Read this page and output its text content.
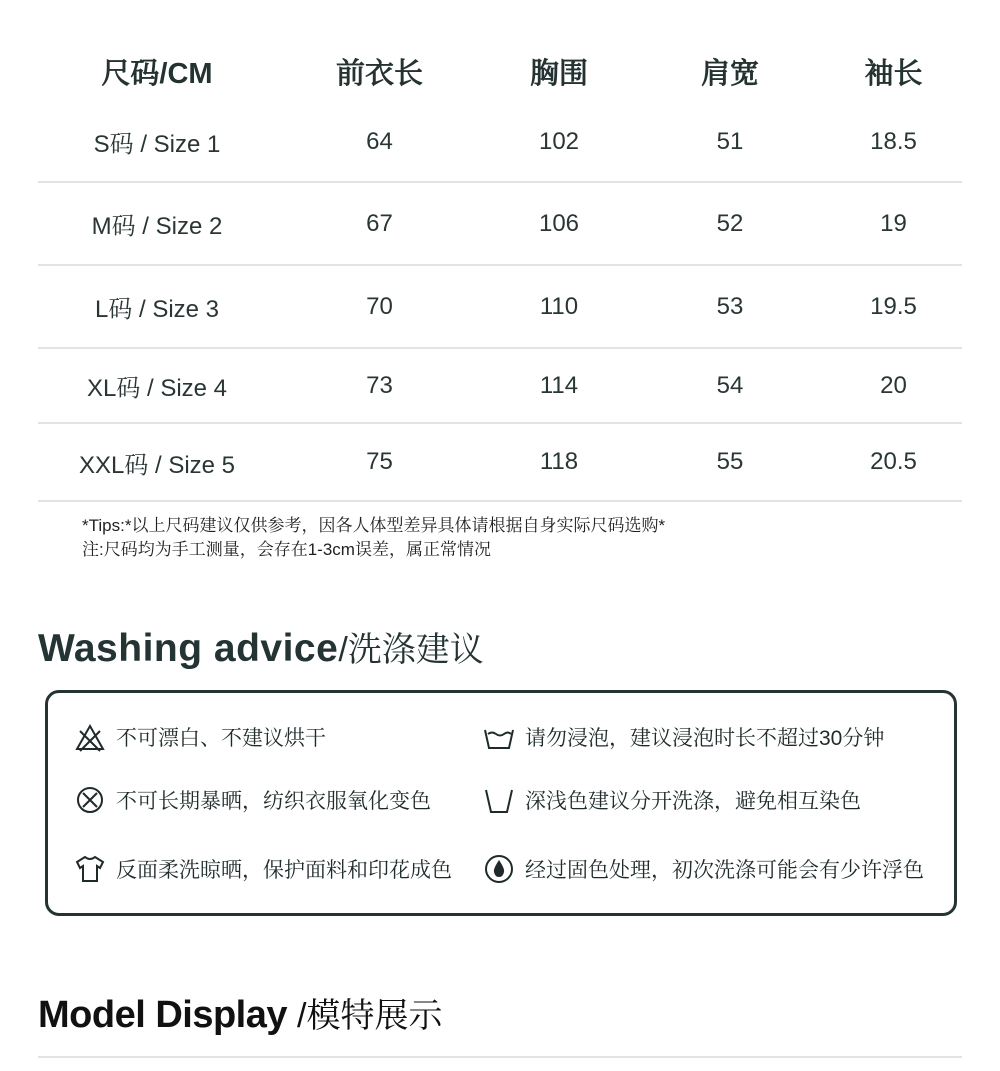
尺码/CM	前衣长	胸围	肩宽	袖长
S码 / Size 1	64	102	51	18.5
M码 / Size 2	67	106	52	19
L码 / Size 3	70	110	53	19.5
XL码 / Size 4	73	114	54	20
XXL码 / Size 5	75	118	55	20.5
*Tips:*以上尺码建议仅供参考，因各人体型差异具体请根据自身实际尺码选购*
注:尺码均为手工测量，会存在1-3cm误差，属正常情况
Washing advice/洗涤建议
不可漂白、不建议烘干	请勿浸泡，建议浸泡时长不超过30分钟
不可长期暴晒，纺织衣服氧化变色	深浅色建议分开洗涤，避免相互染色
反面柔洗晾晒，保护面料和印花成色	经过固色处理，初次洗涤可能会有少许浮色
Model Display /模特展示
